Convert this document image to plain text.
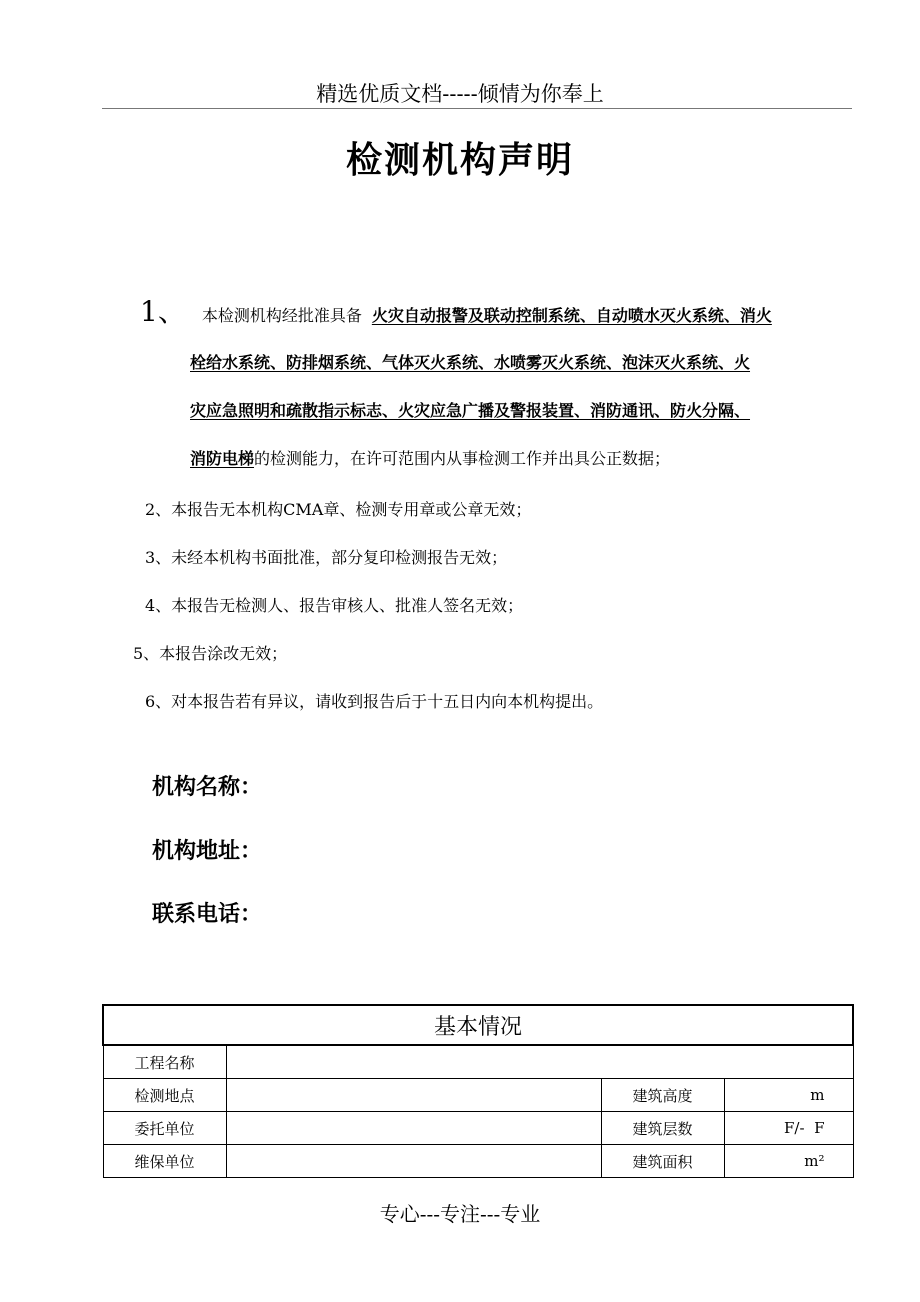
精选优质文档-----倾情为你奉上
检测机构声明
1、 本检测机构经批准具备 火灾自动报警及联动控制系统、自动喷水灭火系统、消火
栓给水系统、防排烟系统、气体灭火系统、水喷雾灭火系统、泡沫灭火系统、火
灾应急照明和疏散指示标志、火灾应急广播及警报装置、消防通讯、防火分隔、
消防电梯的检测能力，在许可范围内从事检测工作并出具公正数据；
2、本报告无本机构CMA章、检测专用章或公章无效；
3、未经本机构书面批准，部分复印检测报告无效；
4、本报告无检测人、报告审核人、批准人签名无效；
5、本报告涂改无效；
6、对本报告若有异议，请收到报告后于十五日内向本机构提出。
机构名称：
机构地址：
联系电话：
基本情况			
工程名称			
检测地点		建筑高度	m
委托单位		建筑层数	F/-  F
维保单位		建筑面积	m²
专心---专注---专业
